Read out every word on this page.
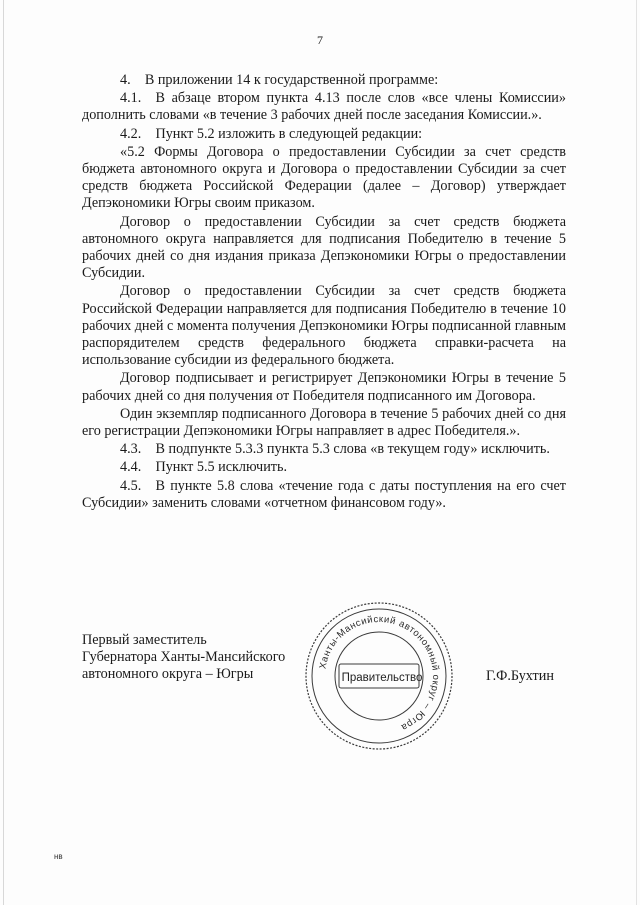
7

4. В приложении 14 к государственной программе:

4.1. В абзаце втором пункта 4.13 после слов «все члены Комиссии» дополнить словами «в течение 3 рабочих дней после заседания Комиссии.».

4.2. Пункт 5.2 изложить в следующей редакции:

«5.2 Формы Договора о предоставлении Субсидии за счет средств бюджета автономного округа и Договора о предоставлении Субсидии за счет средств бюджета Российской Федерации (далее – Договор) утверждает Депэкономики Югры своим приказом.

Договор о предоставлении Субсидии за счет средств бюджета автономного округа направляется для подписания Победителю в течение 5 рабочих дней со дня издания приказа Депэкономики Югры о предоставлении Субсидии.

Договор о предоставлении Субсидии за счет средств бюджета Российской Федерации направляется для подписания Победителю в течение 10 рабочих дней с момента получения Депэкономики Югры подписанной главным распорядителем средств федерального бюджета справки-расчета на использование субсидии из федерального бюджета.

Договор подписывает и регистрирует Депэкономики Югры в течение 5 рабочих дней со дня получения от Победителя подписанного им Договора.

Один экземпляр подписанного Договора в течение 5 рабочих дней со дня его регистрации Депэкономики Югры направляет в адрес Победителя.».

4.3. В подпункте 5.3.3 пункта 5.3 слова «в текущем году» исключить.

4.4. Пункт 5.5 исключить.

4.5. В пункте 5.8 слова «течение года с даты поступления на его счет Субсидии» заменить словами «отчетном финансовом году».

Первый заместитель
Губернатора Ханты-Мансийского
автономного округа – Югры
Ханты-Мансийский автономный округ – Югра
Правительство	Г.Ф.Бухтин
нв
